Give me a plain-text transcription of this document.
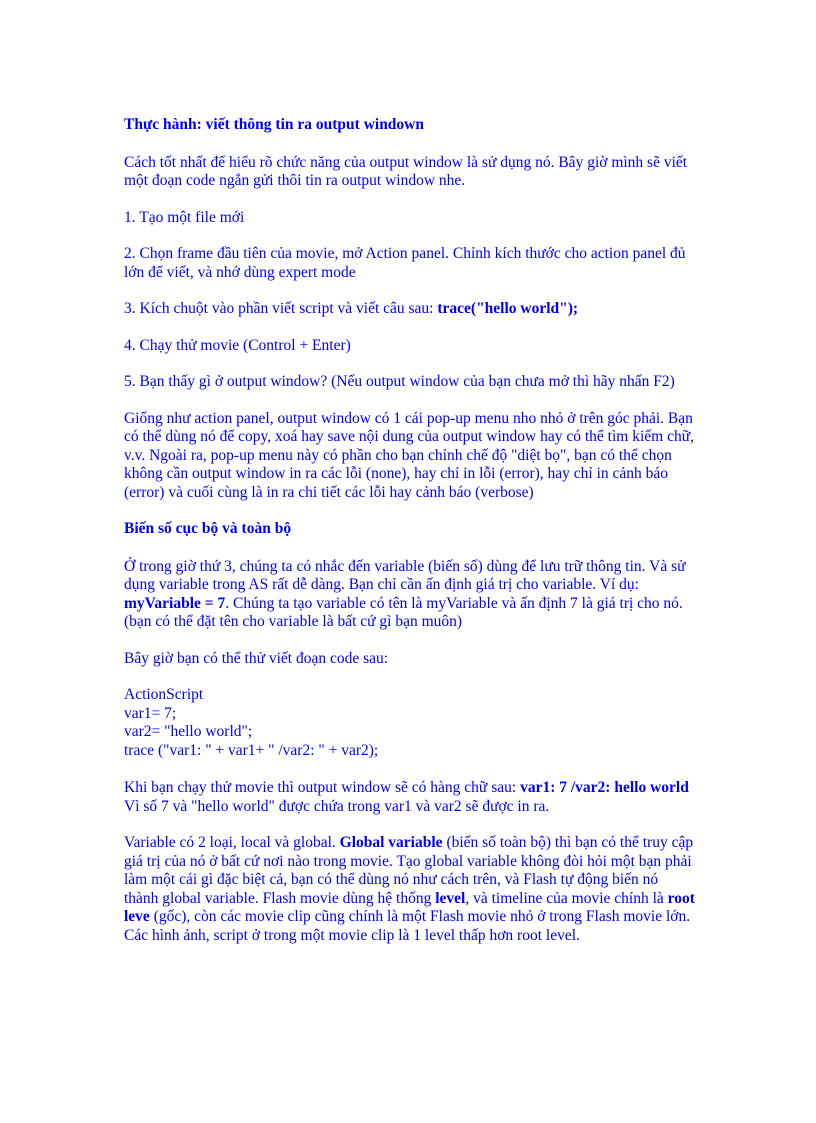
Thực hành: viết thông tin ra output windown

Cách tốt nhất để hiểu rõ chức năng của output window là sử dụng nó. Bây giờ mình sẽ viết một đoạn code ngắn gửi thôi tin ra output window nhe.

1. Tạo một file mới

2. Chọn frame đầu tiên của movie, mở Action panel. Chỉnh kích thước cho action panel đủ lớn để viết, và nhớ dùng expert mode

3. Kích chuột vào phần viết script và viết câu sau: trace("hello world");

4. Chạy thử movie (Control + Enter)

5. Bạn thấy gì ở output window? (Nếu output window của bạn chưa mở thì hãy nhấn F2)

Giống như action panel, output window có 1 cái pop-up menu nho nhỏ ở trên góc phải. Bạn có thể dùng nó để copy, xoá hay save nội dung của output window hay có thể tìm kiếm chữ, v.v. Ngoài ra, pop-up menu này có phần cho bạn chỉnh chế độ "diệt bọ", bạn có thể chọn không cần output window in ra các lỗi (none), hay chỉ in lỗi (error), hay chỉ in cảnh báo (error) và cuối cùng là in ra chi tiết các lỗi hay cảnh báo (verbose)

Biến số cục bộ và toàn bộ

Ở trong giờ thứ 3, chúng ta có nhắc đến variable (biến số) dùng để lưu trữ thông tin. Và sử dụng variable trong AS rất dễ dàng. Bạn chỉ cần ấn định giá trị cho variable. Ví dụ: myVariable = 7. Chúng ta tạo variable có tên là myVariable và ấn định 7 là giá trị cho nó. (bạn có thể đặt tên cho variable là bất cứ gì bạn muôn)

Bây giờ bạn có thể thử viết đoạn code sau:

ActionScript
var1= 7;
var2= "hello world";
trace ("var1: " + var1+ " /var2: " + var2);

Khi bạn chạy thử movie thì output window sẽ có hàng chữ sau: var1: 7 /var2: hello world Vì số 7 và "hello world" được chứa trong var1 và var2 sẽ được in ra.

Variable có 2 loại, local và global. Global variable (biến số toàn bộ) thì bạn có thể truy cập giá trị của nó ở bất cứ nơi nào trong movie. Tạo global variable không đòi hỏi một bạn phải làm một cái gì đặc biệt cả, bạn có thể dùng nó như cách trên, và Flash tự động biến nó thành global variable. Flash movie dùng hệ thống level, và timeline của movie chính là root leve (gốc), còn các movie clip cũng chính là một Flash movie nhỏ ở trong Flash movie lớn. Các hình ảnh, script ở trong một movie clip là 1 level thấp hơn root level.
